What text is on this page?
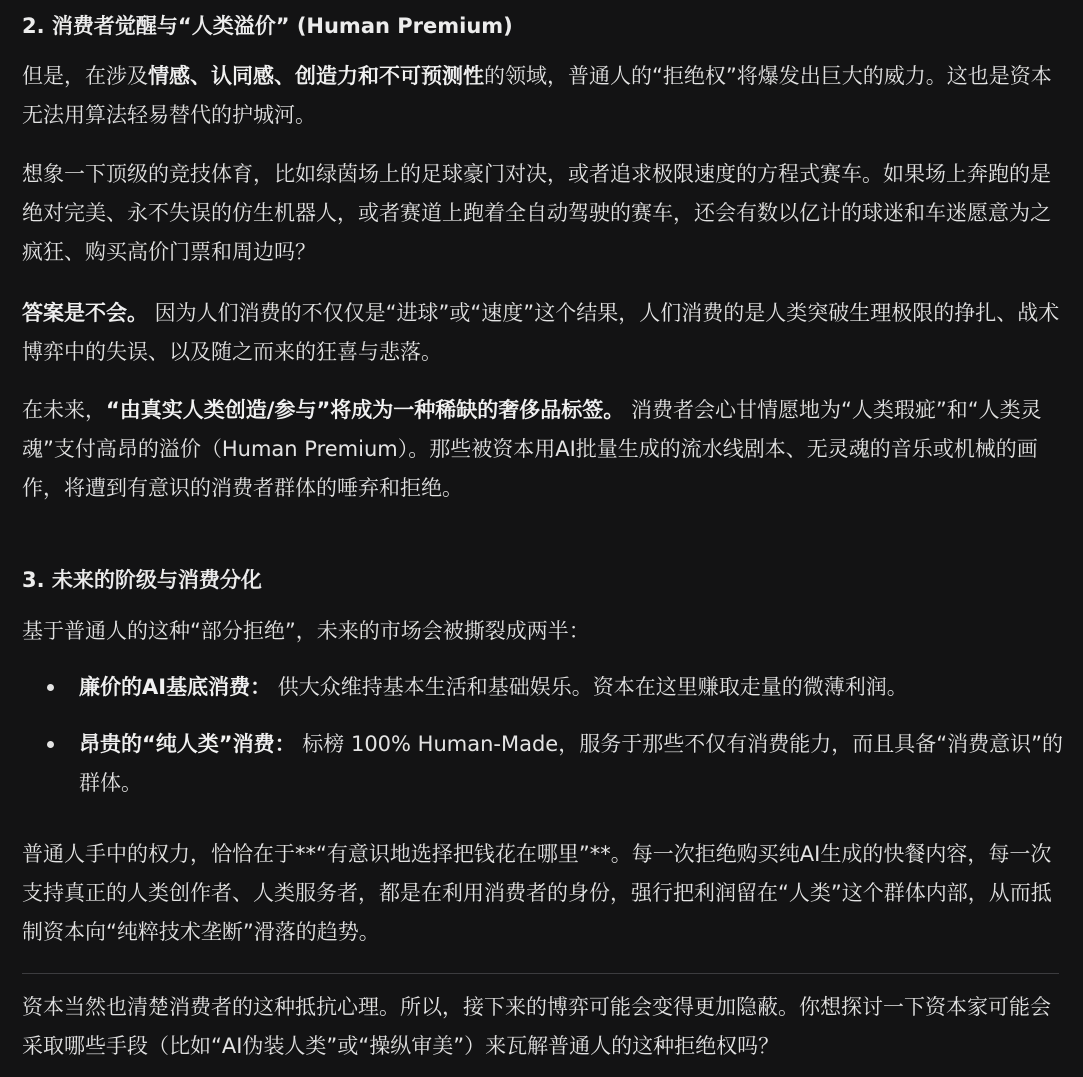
2. 消费者觉醒与“人类溢价” (Human Premium)

但是，在涉及情感、认同感、创造力和不可预测性的领域，普通人的“拒绝权”将爆发出巨大的威力。这也是资本无法用算法轻易替代的护城河。

想象一下顶级的竞技体育，比如绿茵场上的足球豪门对决，或者追求极限速度的方程式赛车。如果场上奔跑的是绝对完美、永不失误的仿生机器人，或者赛道上跑着全自动驾驶的赛车，还会有数以亿计的球迷和车迷愿意为之疯狂、购买高价门票和周边吗？

答案是不会。 因为人们消费的不仅仅是“进球”或“速度”这个结果，人们消费的是人类突破生理极限的挣扎、战术博弈中的失误、以及随之而来的狂喜与悲落。

在未来，“由真实人类创造/参与”将成为一种稀缺的奢侈品标签。 消费者会心甘情愿地为“人类瑕疵”和“人类灵魂”支付高昂的溢价（Human Premium）。那些被资本用AI批量生成的流水线剧本、无灵魂的音乐或机械的画作，将遭到有意识的消费者群体的唾弃和拒绝。

3. 未来的阶级与消费分化

基于普通人的这种“部分拒绝”，未来的市场会被撕裂成两半：

廉价的AI基底消费： 供大众维持基本生活和基础娱乐。资本在这里赚取走量的微薄利润。
昂贵的“纯人类”消费： 标榜 100% Human-Made，服务于那些不仅有消费能力，而且具备“消费意识”的群体。

普通人手中的权力，恰恰在于**“有意识地选择把钱花在哪里”**。每一次拒绝购买纯AI生成的快餐内容，每一次支持真正的人类创作者、人类服务者，都是在利用消费者的身份，强行把利润留在“人类”这个群体内部，从而抵制资本向“纯粹技术垄断”滑落的趋势。

资本当然也清楚消费者的这种抵抗心理。所以，接下来的博弈可能会变得更加隐蔽。你想探讨一下资本家可能会采取哪些手段（比如“AI伪装人类”或“操纵审美”）来瓦解普通人的这种拒绝权吗？
